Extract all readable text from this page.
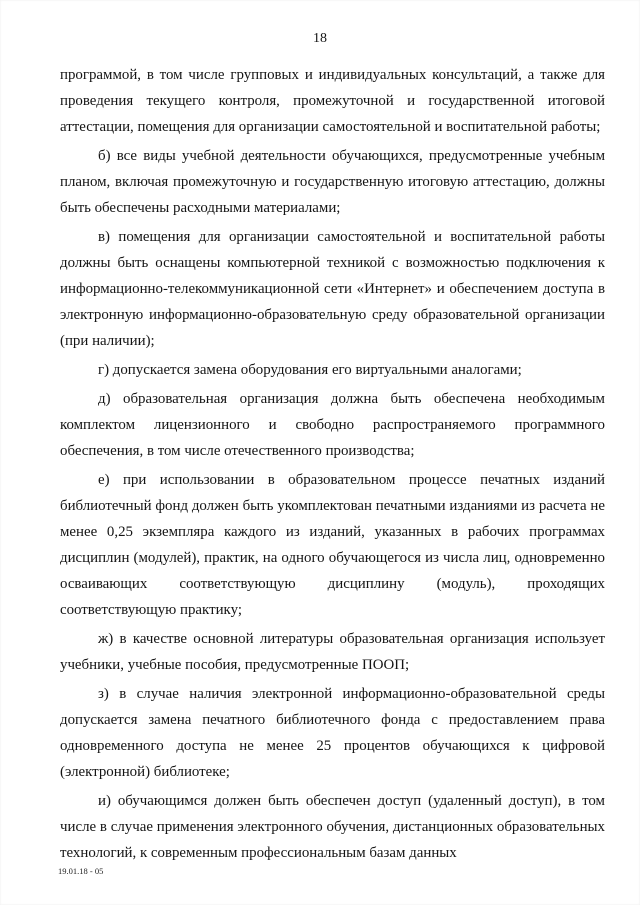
18

программой, в том числе групповых и индивидуальных консультаций, а также для проведения текущего контроля, промежуточной и государственной итоговой аттестации, помещения для организации самостоятельной и воспитательной работы;

б) все виды учебной деятельности обучающихся, предусмотренные учебным планом, включая промежуточную и государственную итоговую аттестацию, должны быть обеспечены расходными материалами;

в) помещения для организации самостоятельной и воспитательной работы должны быть оснащены компьютерной техникой с возможностью подключения к информационно-телекоммуникационной сети «Интернет» и обеспечением доступа в электронную информационно-образовательную среду образовательной организации (при наличии);

г) допускается замена оборудования его виртуальными аналогами;

д) образовательная организация должна быть обеспечена необходимым комплектом лицензионного и свободно распространяемого программного обеспечения, в том числе отечественного производства;

е) при использовании в образовательном процессе печатных изданий библиотечный фонд должен быть укомплектован печатными изданиями из расчета не менее 0,25 экземпляра каждого из изданий, указанных в рабочих программах дисциплин (модулей), практик, на одного обучающегося из числа лиц, одновременно осваивающих соответствующую дисциплину (модуль), проходящих соответствующую практику;

ж) в качестве основной литературы образовательная организация использует учебники, учебные пособия, предусмотренные ПООП;

з) в случае наличия электронной информационно-образовательной среды допускается замена печатного библиотечного фонда с предоставлением права одновременного доступа не менее 25 процентов обучающихся к цифровой (электронной) библиотеке;

и) обучающимся должен быть обеспечен доступ (удаленный доступ), в том числе в случае применения электронного обучения, дистанционных образовательных технологий, к современным профессиональным базам данных

19.01.18 - 05
